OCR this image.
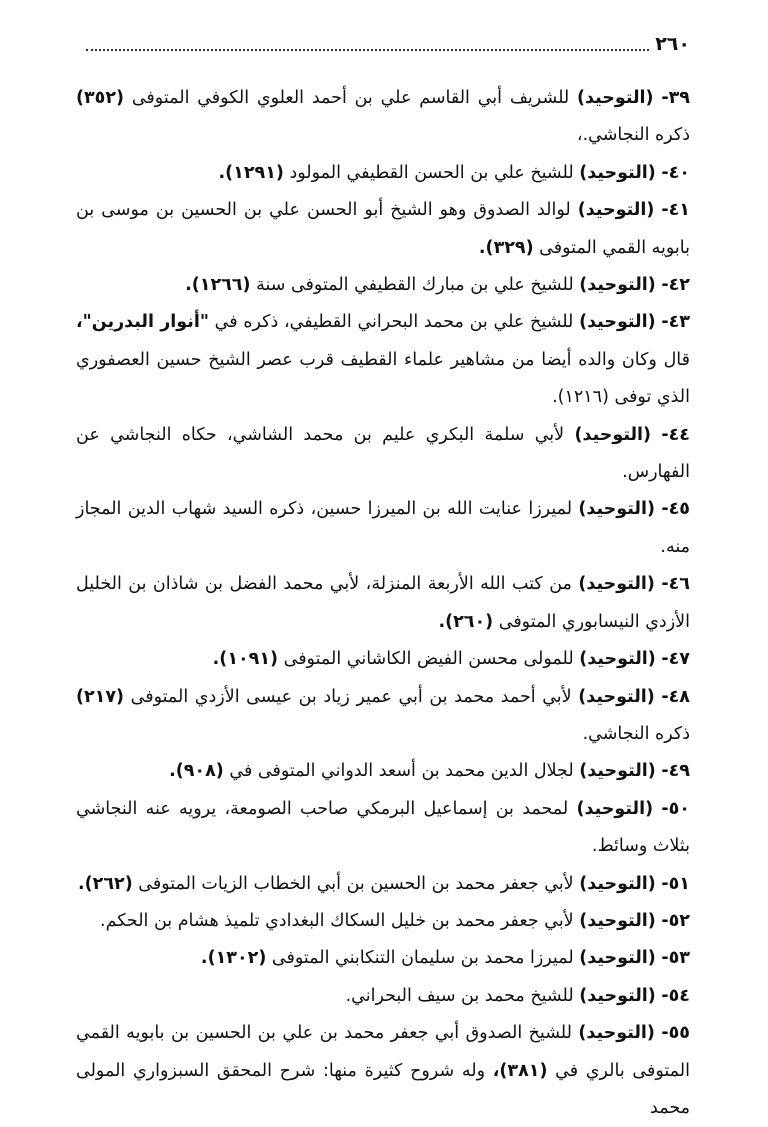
٢٦٠

٣٩- (التوحيد) للشريف أبي القاسم علي بن أحمد العلوي الكوفي المتوفى (٣٥٢) ذكره النجاشي.،

٤٠- (التوحيد) للشيخ علي بن الحسن القطيفي المولود (١٢٩١).

٤١- (التوحيد) لوالد الصدوق وهو الشيخ أبو الحسن علي بن الحسين بن موسى بن بابويه القمي المتوفى (٣٢٩).

٤٢- (التوحيد) للشيخ علي بن مبارك القطيفي المتوفى سنة (١٢٦٦).

٤٣- (التوحيد) للشيخ علي بن محمد البحراني القطيفي، ذكره في "أنوار البدرين"، قال وكان والده أيضا من مشاهير علماء القطيف قرب عصر الشيخ حسين العصفوري الذي توفى (١٢١٦).

٤٤- (التوحيد) لأبي سلمة البكري عليم بن محمد الشاشي، حكاه النجاشي عن الفهارس.

٤٥- (التوحيد) لميرزا عنايت الله بن الميرزا حسين، ذكره السيد شهاب الدين المجاز منه.

٤٦- (التوحيد) من كتب الله الأربعة المنزلة، لأبي محمد الفضل بن شاذان بن الخليل الأزدي النيسابوري المتوفى (٢٦٠).

٤٧- (التوحيد) للمولى محسن الفيض الكاشاني المتوفى (١٠٩١).

٤٨- (التوحيد) لأبي أحمد محمد بن أبي عمير زياد بن عيسى الأزدي المتوفى (٢١٧) ذكره النجاشي.

٤٩- (التوحيد) لجلال الدين محمد بن أسعد الدواني المتوفى في (٩٠٨).

٥٠- (التوحيد) لمحمد بن إسماعيل البرمكي صاحب الصومعة، يرويه عنه النجاشي بثلاث وسائط.

٥١- (التوحيد) لأبي جعفر محمد بن الحسين بن أبي الخطاب الزيات المتوفى (٢٦٢).

٥٢- (التوحيد) لأبي جعفر محمد بن خليل السكاك البغدادي تلميذ هشام بن الحكم.

٥٣- (التوحيد) لميرزا محمد بن سليمان التنكابني المتوفى (١٣٠٢).

٥٤- (التوحيد) للشيخ محمد بن سيف البحراني.

٥٥- (التوحيد) للشيخ الصدوق أبي جعفر محمد بن علي بن الحسين بن بابويه القمي المتوفى بالري في (٣٨١)، وله شروح كثيرة منها: شرح المحقق السبزواري المولى محمد
